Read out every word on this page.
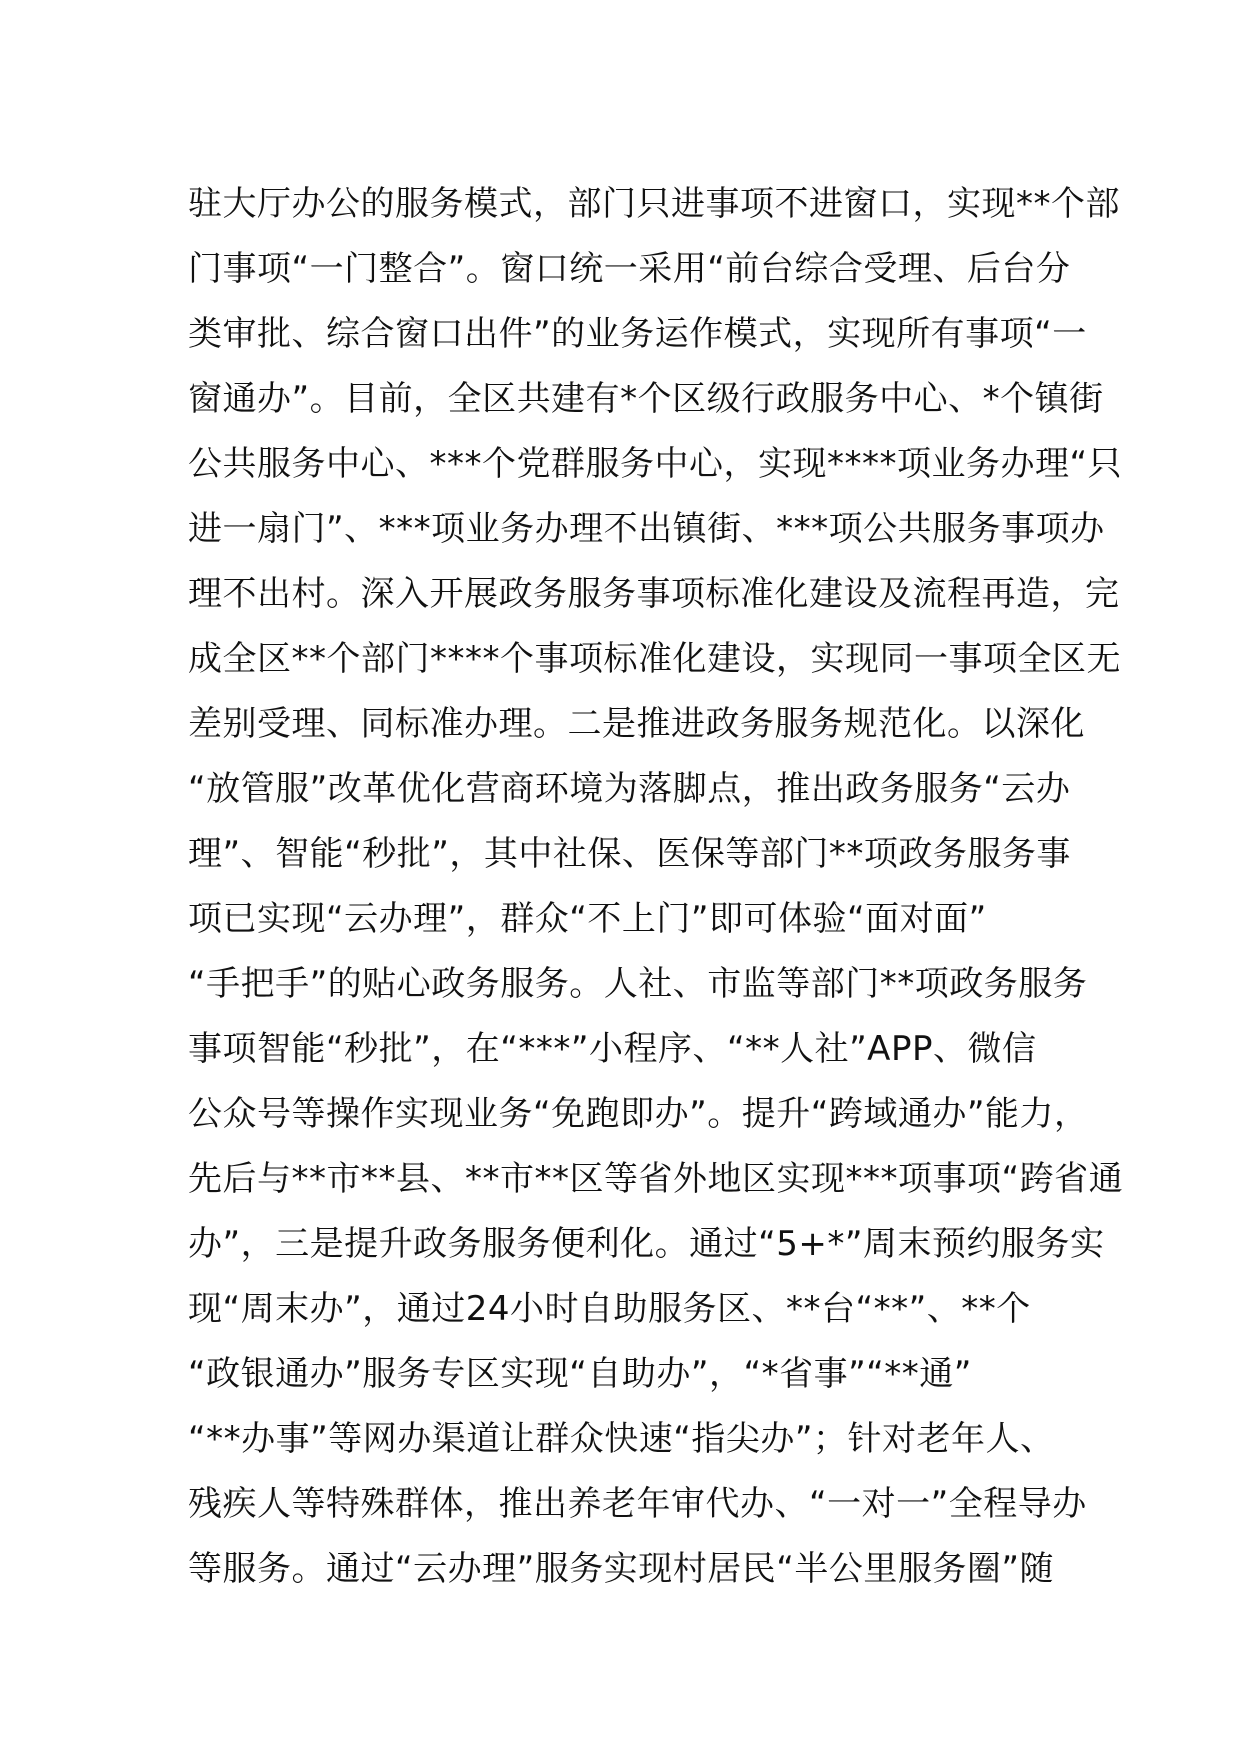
驻大厅办公的服务模式，部门只进事项不进窗口，实现**个部
门事项“一门整合”。窗口统一采用“前台综合受理、后台分
类审批、综合窗口出件”的业务运作模式，实现所有事项“一
窗通办”。目前，全区共建有*个区级行政服务中心、*个镇街
公共服务中心、***个党群服务中心，实现****项业务办理“只
进一扇门”、***项业务办理不出镇街、***项公共服务事项办
理不出村。深入开展政务服务事项标准化建设及流程再造，完
成全区**个部门****个事项标准化建设，实现同一事项全区无
差别受理、同标准办理。二是推进政务服务规范化。以深化
“放管服”改革优化营商环境为落脚点，推出政务服务“云办
理”、智能“秒批”，其中社保、医保等部门**项政务服务事
项已实现“云办理”，群众“不上门”即可体验“面对面”
“手把手”的贴心政务服务。人社、市监等部门**项政务服务
事项智能“秒批”，在“***”小程序、“**人社”APP、微信
公众号等操作实现业务“免跑即办”。提升“跨域通办”能力，
先后与**市**县、**市**区等省外地区实现***项事项“跨省通
办”，三是提升政务服务便利化。通过“5+*”周末预约服务实
现“周末办”，通过24小时自助服务区、**台“**”、**个
“政银通办”服务专区实现“自助办”，“*省事”“**通”
“**办事”等网办渠道让群众快速“指尖办”；针对老年人、
残疾人等特殊群体，推出养老年审代办、“一对一”全程导办
等服务。通过“云办理”服务实现村居民“半公里服务圈”随
